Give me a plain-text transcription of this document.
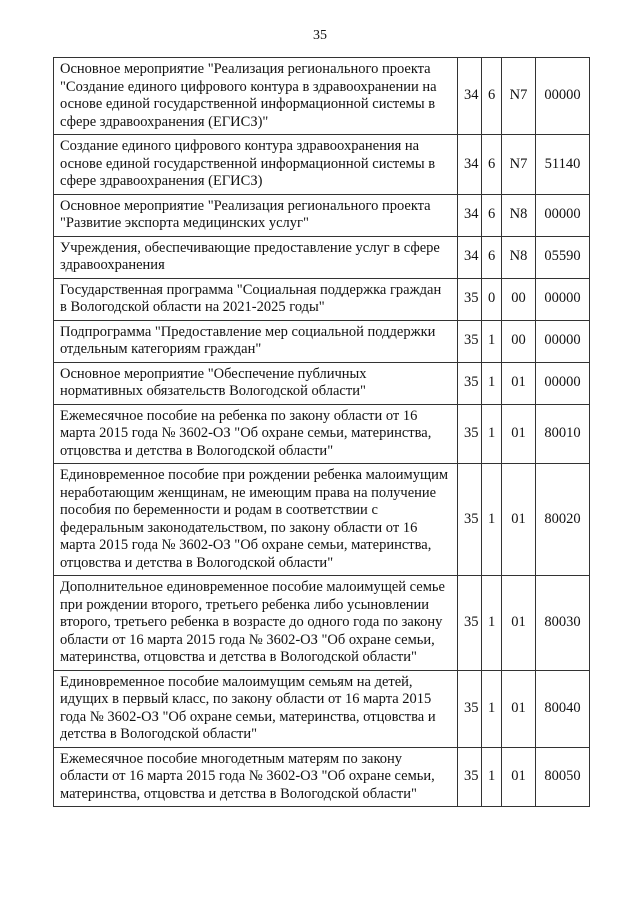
35
Основное мероприятие "Реализация регионального проекта "Создание единого цифрового контура в здравоохранении на основе единой государственной информационной системы в сфере здравоохранения (ЕГИСЗ)"	34	6	N7	00000
Создание единого цифрового контура здравоохранения на основе единой государственной информационной системы в сфере здравоохранения (ЕГИСЗ)	34	6	N7	51140
Основное мероприятие "Реализация регионального проекта "Развитие экспорта медицинских услуг"	34	6	N8	00000
Учреждения, обеспечивающие предоставление услуг в сфере здравоохранения	34	6	N8	05590
Государственная программа "Социальная поддержка граждан в Вологодской области на 2021-2025 годы"	35	0	00	00000
Подпрограмма "Предоставление мер социальной поддержки отдельным категориям граждан"	35	1	00	00000
Основное мероприятие "Обеспечение публичных нормативных обязательств Вологодской области"	35	1	01	00000
Ежемесячное пособие на ребенка по закону области от 16 марта 2015 года № 3602-ОЗ "Об охране семьи, материнства, отцовства и детства в Вологодской области"	35	1	01	80010
Единовременное пособие при рождении ребенка малоимущим неработающим женщинам, не имеющим права на получение пособия по беременности и родам в соответствии с федеральным законодательством, по закону области от 16 марта 2015 года № 3602-ОЗ "Об охране семьи, материнства, отцовства и детства в Вологодской области"	35	1	01	80020
Дополнительное единовременное пособие малоимущей семье при рождении второго, третьего ребенка либо усыновлении второго, третьего ребенка в возрасте до одного года по закону области от 16 марта 2015 года № 3602-ОЗ "Об охране семьи, материнства, отцовства и детства в Вологодской области"	35	1	01	80030
Единовременное пособие малоимущим семьям на детей, идущих в первый класс, по закону области от 16 марта 2015 года № 3602-ОЗ "Об охране семьи, материнства, отцовства и детства в Вологодской области"	35	1	01	80040
Ежемесячное пособие многодетным матерям по закону области от 16 марта 2015 года № 3602-ОЗ "Об охране семьи, материнства, отцовства и детства в Вологодской области"	35	1	01	80050
